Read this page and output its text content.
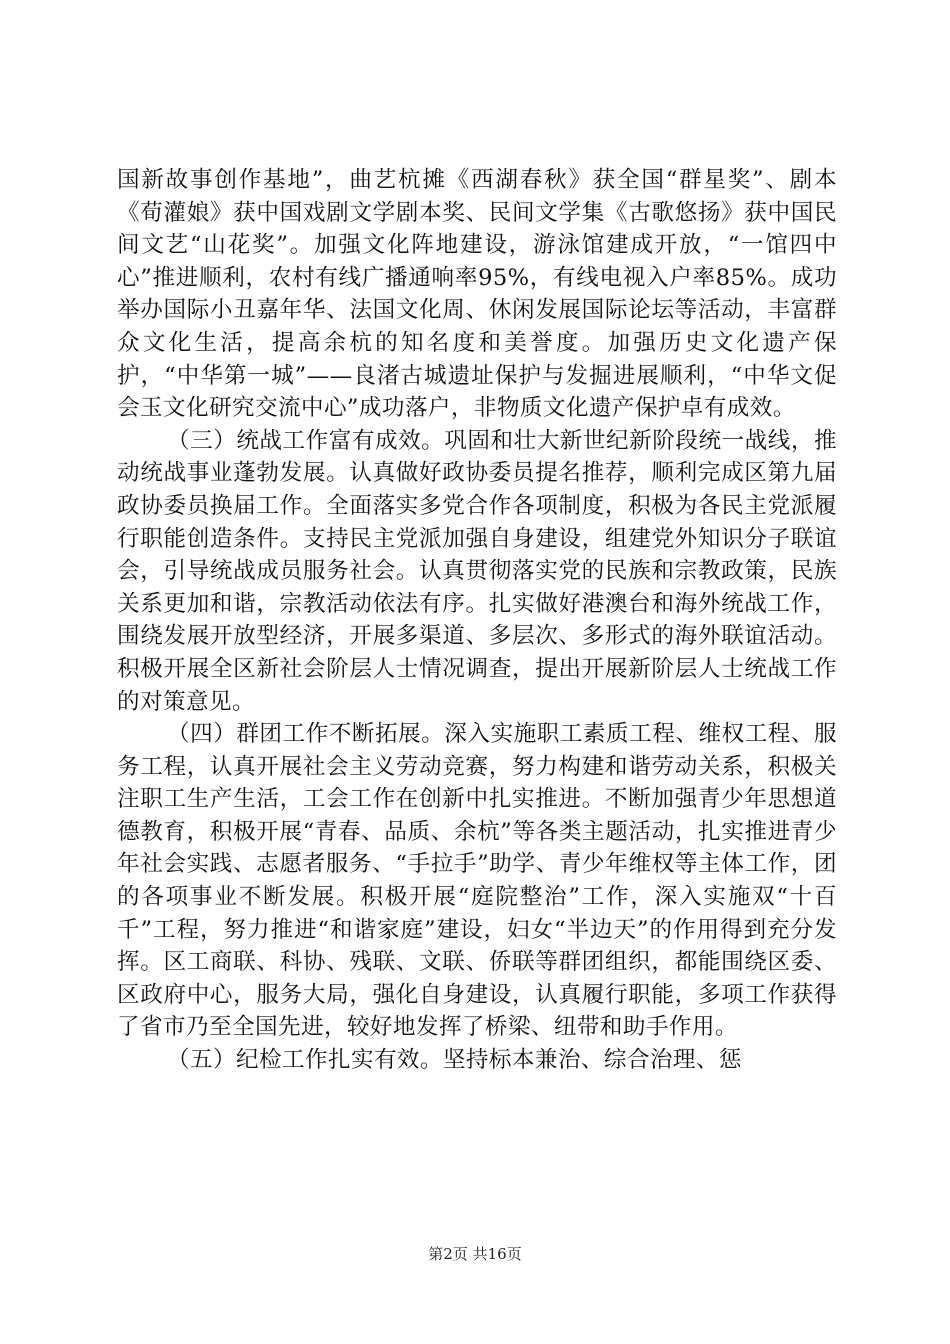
国新故事创作基地”，曲艺杭摊《西湖春秋》获全国“群星奖”、剧本《荀灌娘》获中国戏剧文学剧本奖、民间文学集《古歌悠扬》获中国民间文艺“山花奖”。加强文化阵地建设，游泳馆建成开放，“一馆四中心”推进顺利，农村有线广播通响率95%，有线电视入户率85%。成功举办国际小丑嘉年华、法国文化周、休闲发展国际论坛等活动，丰富群众文化生活，提高余杭的知名度和美誉度。加强历史文化遗产保护，“中华第一城”——良渚古城遗址保护与发掘进展顺利，“中华文促会玉文化研究交流中心”成功落户，非物质文化遗产保护卓有成效。

（三）统战工作富有成效。巩固和壮大新世纪新阶段统一战线，推动统战事业蓬勃发展。认真做好政协委员提名推荐，顺利完成区第九届政协委员换届工作。全面落实多党合作各项制度，积极为各民主党派履行职能创造条件。支持民主党派加强自身建设，组建党外知识分子联谊会，引导统战成员服务社会。认真贯彻落实党的民族和宗教政策，民族关系更加和谐，宗教活动依法有序。扎实做好港澳台和海外统战工作，围绕发展开放型经济，开展多渠道、多层次、多形式的海外联谊活动。积极开展全区新社会阶层人士情况调查，提出开展新阶层人士统战工作的对策意见。

（四）群团工作不断拓展。深入实施职工素质工程、维权工程、服务工程，认真开展社会主义劳动竞赛，努力构建和谐劳动关系，积极关注职工生产生活，工会工作在创新中扎实推进。不断加强青少年思想道德教育，积极开展“青春、品质、余杭”等各类主题活动，扎实推进青少年社会实践、志愿者服务、“手拉手”助学、青少年维权等主体工作，团的各项事业不断发展。积极开展“庭院整治”工作，深入实施双“十百千”工程，努力推进“和谐家庭”建设，妇女“半边天”的作用得到充分发挥。区工商联、科协、残联、文联、侨联等群团组织，都能围绕区委、区政府中心，服务大局，强化自身建设，认真履行职能，多项工作获得了省市乃至全国先进，较好地发挥了桥梁、纽带和助手作用。

（五）纪检工作扎实有效。坚持标本兼治、综合治理、惩

第2页 共16页
